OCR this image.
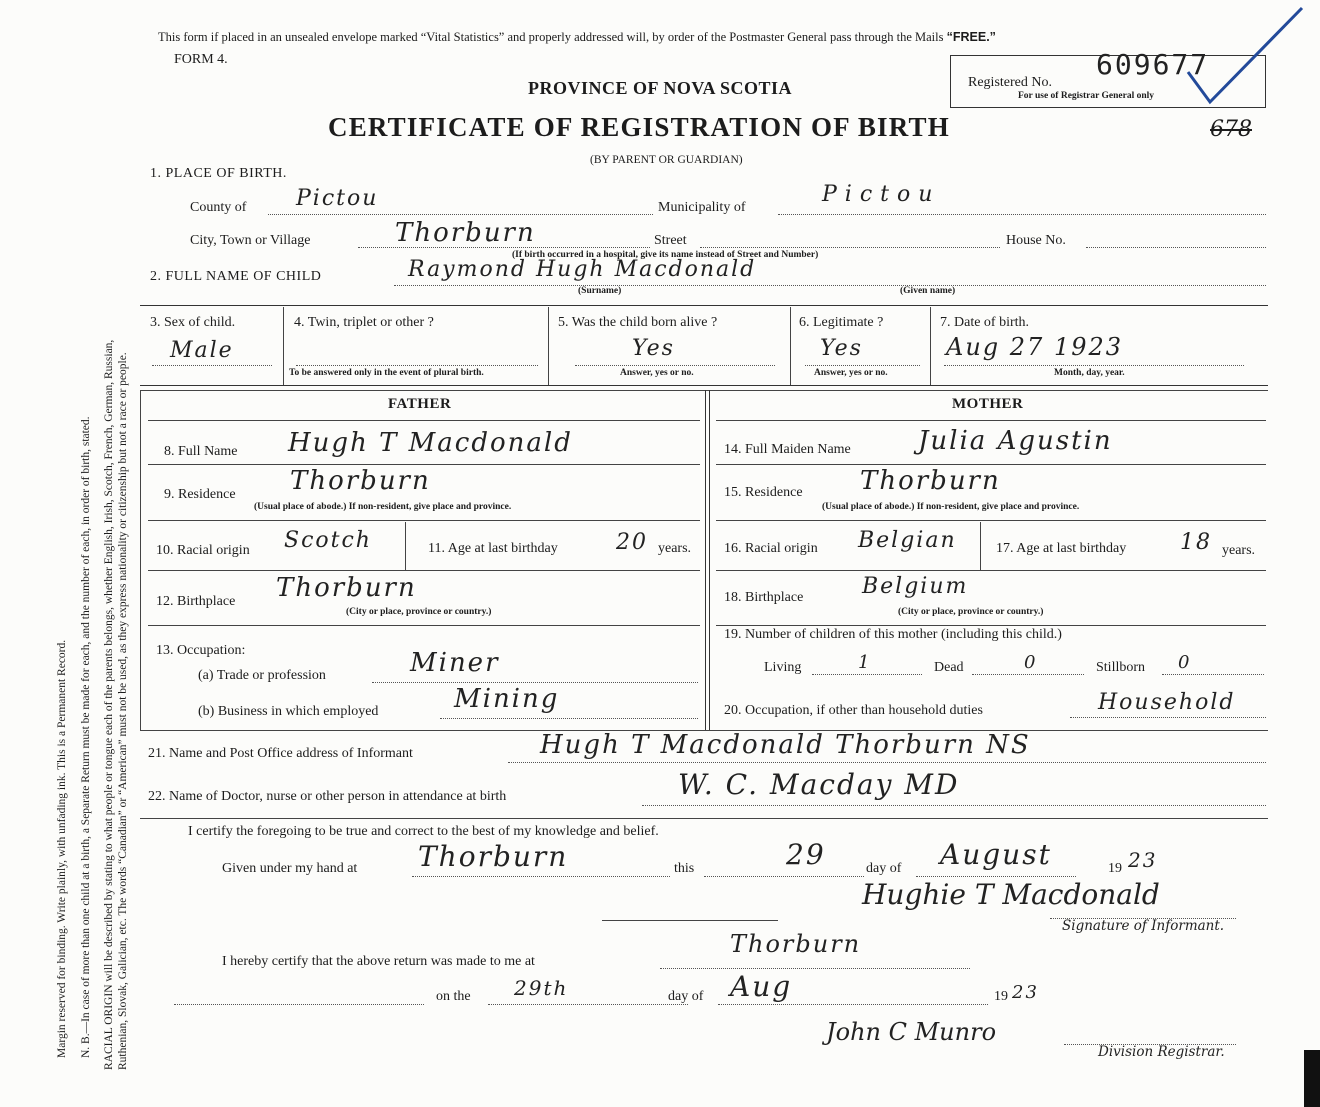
Margin reserved for binding. Write plainly, with unfading ink. This is a Permanent Record. N. B.—In case of more than one child at a birth, a Separate Return must be made for each, and the number of each, in order of birth, stated. RACIAL ORIGIN will be described by stating to what people or tongue each of the parents belongs, whether English, Irish, Scotch, French, German, Russian, Ruthenian, Slovak, Galician, etc. The words “Canadian” or “American” must not be used, as they express nationality or citizenship but not a race or people.
This form if placed in an unsealed envelope marked “Vital Statistics” and properly addressed will, by order of the Postmaster General pass through the Mails “FREE.”
FORM 4.
PROVINCE OF NOVA SCOTIA
CERTIFICATE OF REGISTRATION OF BIRTH
(BY PARENT OR GUARDIAN)
Registered No.
609677
For use of Registrar General only
678
1. PLACE OF BIRTH.
County of Pictou	Municipality of
Pictou
City, Town or Village	Thorburn	Street	House No.
(If birth occurred in a hospital, give its name instead of Street and Number)
2. FULL NAME OF CHILD	Raymond Hugh Macdonald
(Surname)	(Given name)
3. Sex of child.
Male
4. Twin, triplet or other ?
To be answered only in the event of plural birth.
5. Was the child born alive ?
Yes
Answer, yes or no.
6. Legitimate ?
Yes
Answer, yes or no.
7. Date of birth.
Aug 27 1923
Month, day, year.
FATHER	MOTHER
8. Full Name Hugh T Macdonald
9. Residence Thorburn
(Usual place of abode.) If non-resident, give place and province.
10. Racial origin Scotch	11. Age at last birthday	20 years.
12. Birthplace Thorburn
(City or place, province or country.)
13. Occupation:
(a) Trade or profession	Miner
(b) Business in which employed	Mining
14. Full Maiden Name	Julia Agustin
15. Residence Thorburn
(Usual place of abode.) If non-resident, give place and province.
16. Racial origin Belgian	17. Age at last birthday 18 years.
18. Birthplace	Belgium
(City or place, province or country.)
19. Number of children of this mother (including this child.)
Living	1	Dead	0	Stillborn 0
20. Occupation, if other than household duties	Household
21. Name and Post Office address of Informant	Hugh T Macdonald Thorburn NS
22. Name of Doctor, nurse or other person in attendance at birth	W. C. Macday MD
I certify the foregoing to be true and correct to the best of my knowledge and belief.
Given under my hand at Thorburn	this	29	day of August	19 23
Hughie T Macdonald
Signature of Informant.
I hereby certify that the above return was made to me at
Thorburn
on the 29th	day of Aug	19 23
John C Munro
Division Registrar.
